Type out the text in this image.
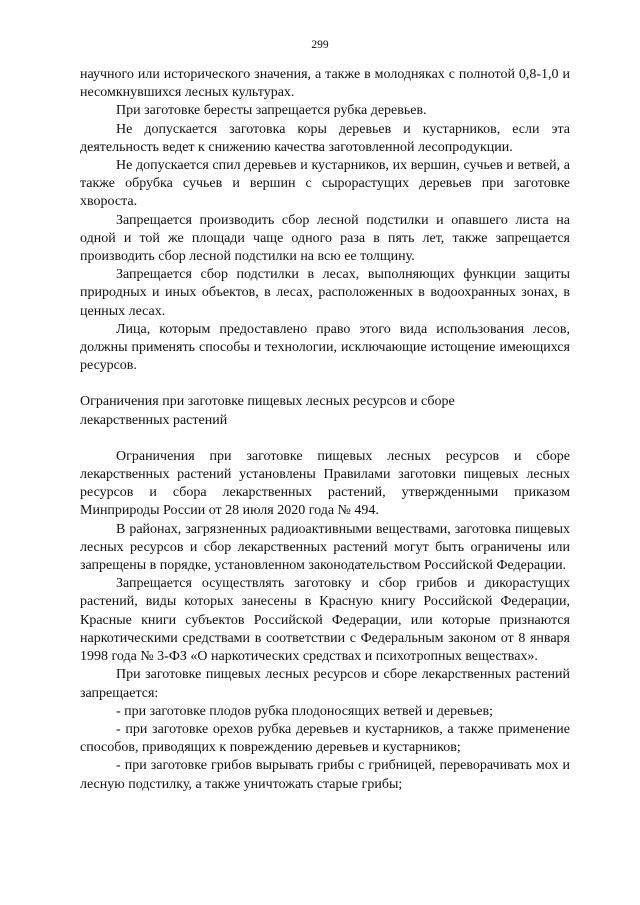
299

научного или исторического значения, а также в молодняках с полнотой 0,8-1,0 и несомкнувшихся лесных культурах.

При заготовке бересты запрещается рубка деревьев.

Не допускается заготовка коры деревьев и кустарников, если эта деятельность ведет к снижению качества заготовленной лесопродукции.

Не допускается спил деревьев и кустарников, их вершин, сучьев и ветвей, а также обрубка сучьев и вершин с сырорастущих деревьев при заготовке хвороста.

Запрещается производить сбор лесной подстилки и опавшего листа на одной и той же площади чаще одного раза в пять лет, также запрещается производить сбор лесной подстилки на всю ее толщину.

Запрещается сбор подстилки в лесах, выполняющих функции защиты природных и иных объектов, в лесах, расположенных в водоохранных зонах, в ценных лесах.

Лица, которым предоставлено право этого вида использования лесов, должны применять способы и технологии, исключающие истощение имеющихся ресурсов.

Ограничения при заготовке пищевых лесных ресурсов и сборе

лекарственных растений

Ограничения при заготовке пищевых лесных ресурсов и сборе лекарственных растений установлены Правилами заготовки пищевых лесных ресурсов и сбора лекарственных растений, утвержденными приказом Минприроды России от 28 июля 2020 года № 494.

В районах, загрязненных радиоактивными веществами, заготовка пищевых лесных ресурсов и сбор лекарственных растений могут быть ограничены или запрещены в порядке, установленном законодательством Российской Федерации.

Запрещается осуществлять заготовку и сбор грибов и дикорастущих растений, виды которых занесены в Красную книгу Российской Федерации, Красные книги субъектов Российской Федерации, или которые признаются наркотическими средствами в соответствии с Федеральным законом от 8 января 1998 года № 3-ФЗ «О наркотических средствах и психотропных веществах».

При заготовке пищевых лесных ресурсов и сборе лекарственных растений запрещается:

- при заготовке плодов рубка плодоносящих ветвей и деревьев;

- при заготовке орехов рубка деревьев и кустарников, а также применение способов, приводящих к повреждению деревьев и кустарников;

- при заготовке грибов вырывать грибы с грибницей, переворачивать мох и лесную подстилку, а также уничтожать старые грибы;
